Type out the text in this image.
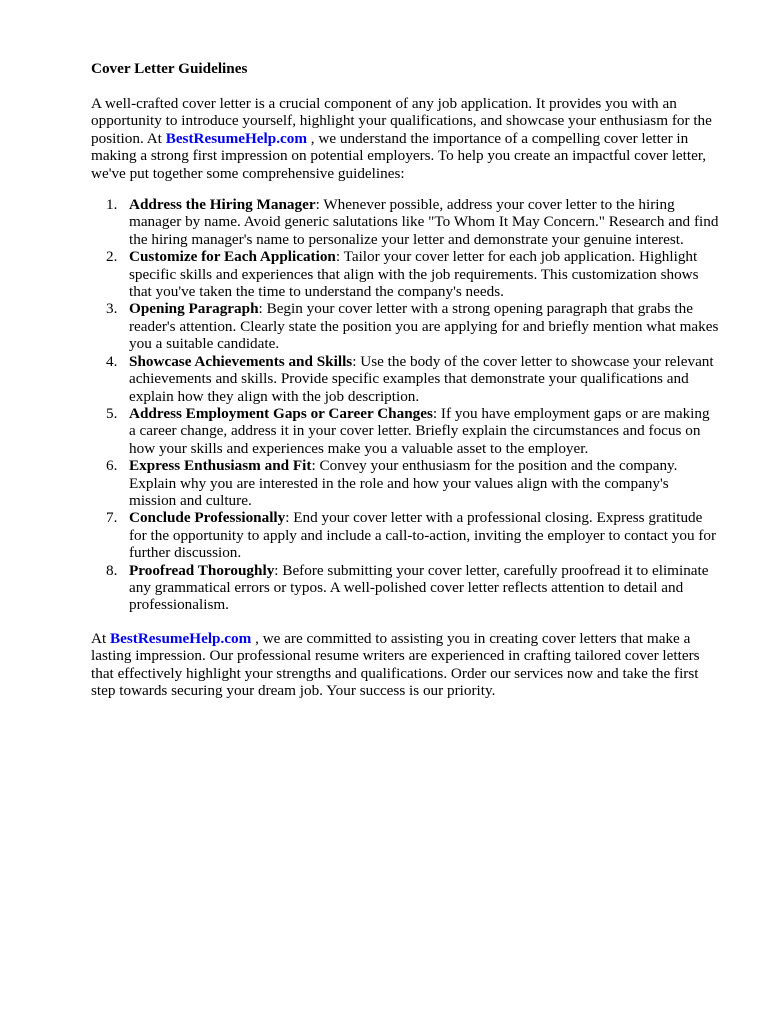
Cover Letter Guidelines

A well-crafted cover letter is a crucial component of any job application. It provides you with an opportunity to introduce yourself, highlight your qualifications, and showcase your enthusiasm for the position. At BestResumeHelp.com , we understand the importance of a compelling cover letter in making a strong first impression on potential employers. To help you create an impactful cover letter, we've put together some comprehensive guidelines:

1. Address the Hiring Manager: Whenever possible, address your cover letter to the hiring manager by name. Avoid generic salutations like "To Whom It May Concern." Research and find the hiring manager's name to personalize your letter and demonstrate your genuine interest.
2. Customize for Each Application: Tailor your cover letter for each job application. Highlight specific skills and experiences that align with the job requirements. This customization shows that you've taken the time to understand the company's needs.
3. Opening Paragraph: Begin your cover letter with a strong opening paragraph that grabs the reader's attention. Clearly state the position you are applying for and briefly mention what makes you a suitable candidate.
4. Showcase Achievements and Skills: Use the body of the cover letter to showcase your relevant achievements and skills. Provide specific examples that demonstrate your qualifications and explain how they align with the job description.
5. Address Employment Gaps or Career Changes: If you have employment gaps or are making a career change, address it in your cover letter. Briefly explain the circumstances and focus on how your skills and experiences make you a valuable asset to the employer.
6. Express Enthusiasm and Fit: Convey your enthusiasm for the position and the company. Explain why you are interested in the role and how your values align with the company's mission and culture.
7. Conclude Professionally: End your cover letter with a professional closing. Express gratitude for the opportunity to apply and include a call-to-action, inviting the employer to contact you for further discussion.
8. Proofread Thoroughly: Before submitting your cover letter, carefully proofread it to eliminate any grammatical errors or typos. A well-polished cover letter reflects attention to detail and professionalism.

At BestResumeHelp.com , we are committed to assisting you in creating cover letters that make a lasting impression. Our professional resume writers are experienced in crafting tailored cover letters that effectively highlight your strengths and qualifications. Order our services now and take the first step towards securing your dream job. Your success is our priority.
